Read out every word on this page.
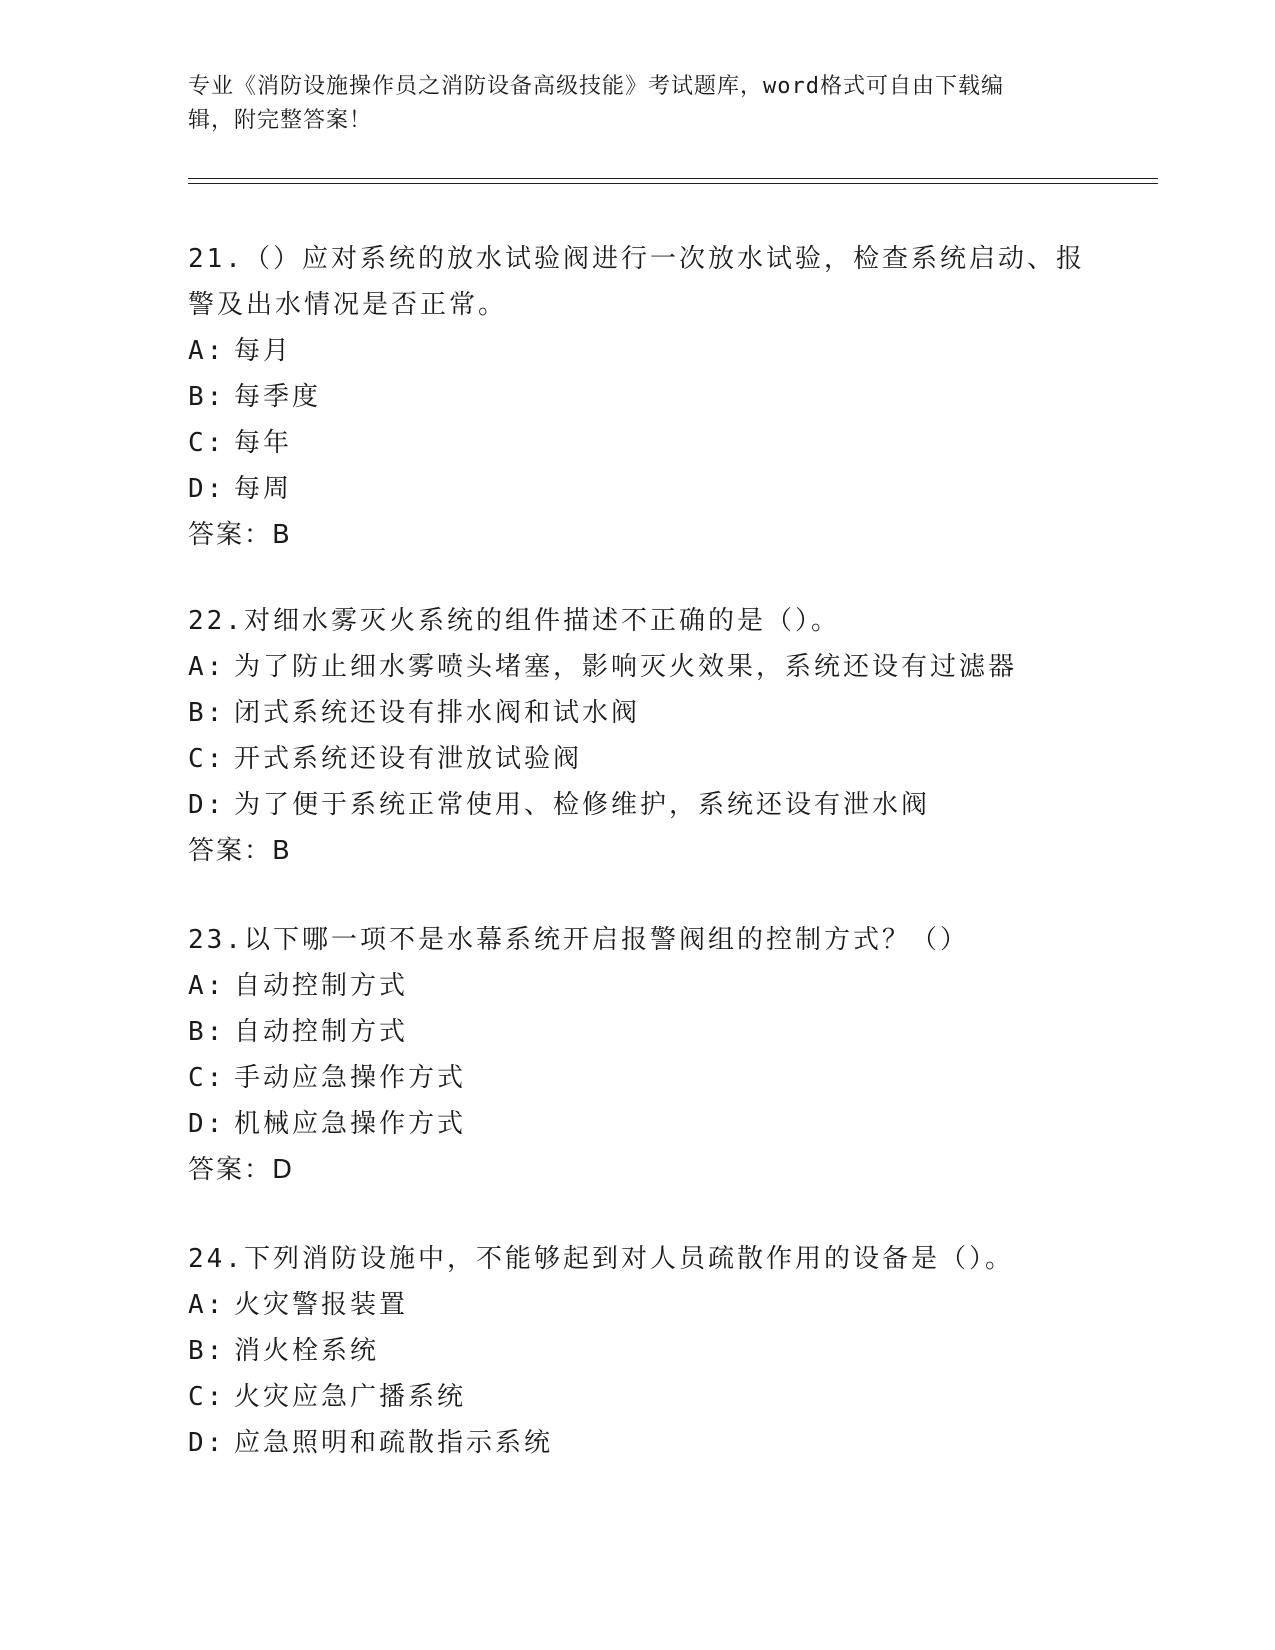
专业《消防设施操作员之消防设备高级技能》考试题库，word格式可自由下载编
辑，附完整答案！
21.（）应对系统的放水试验阀进行一次放水试验，检查系统启动、报
警及出水情况是否正常。
A: 每月
B: 每季度
C: 每年
D: 每周
答案：B
22.对细水雾灭火系统的组件描述不正确的是（）。
A: 为了防止细水雾喷头堵塞，影响灭火效果，系统还设有过滤器
B: 闭式系统还设有排水阀和试水阀
C: 开式系统还设有泄放试验阀
D: 为了便于系统正常使用、检修维护，系统还设有泄水阀
答案：B
23.以下哪一项不是水幕系统开启报警阀组的控制方式？（）
A: 自动控制方式
B: 自动控制方式
C: 手动应急操作方式
D: 机械应急操作方式
答案：D
24.下列消防设施中，不能够起到对人员疏散作用的设备是（）。
A: 火灾警报装置
B: 消火栓系统
C: 火灾应急广播系统
D: 应急照明和疏散指示系统
